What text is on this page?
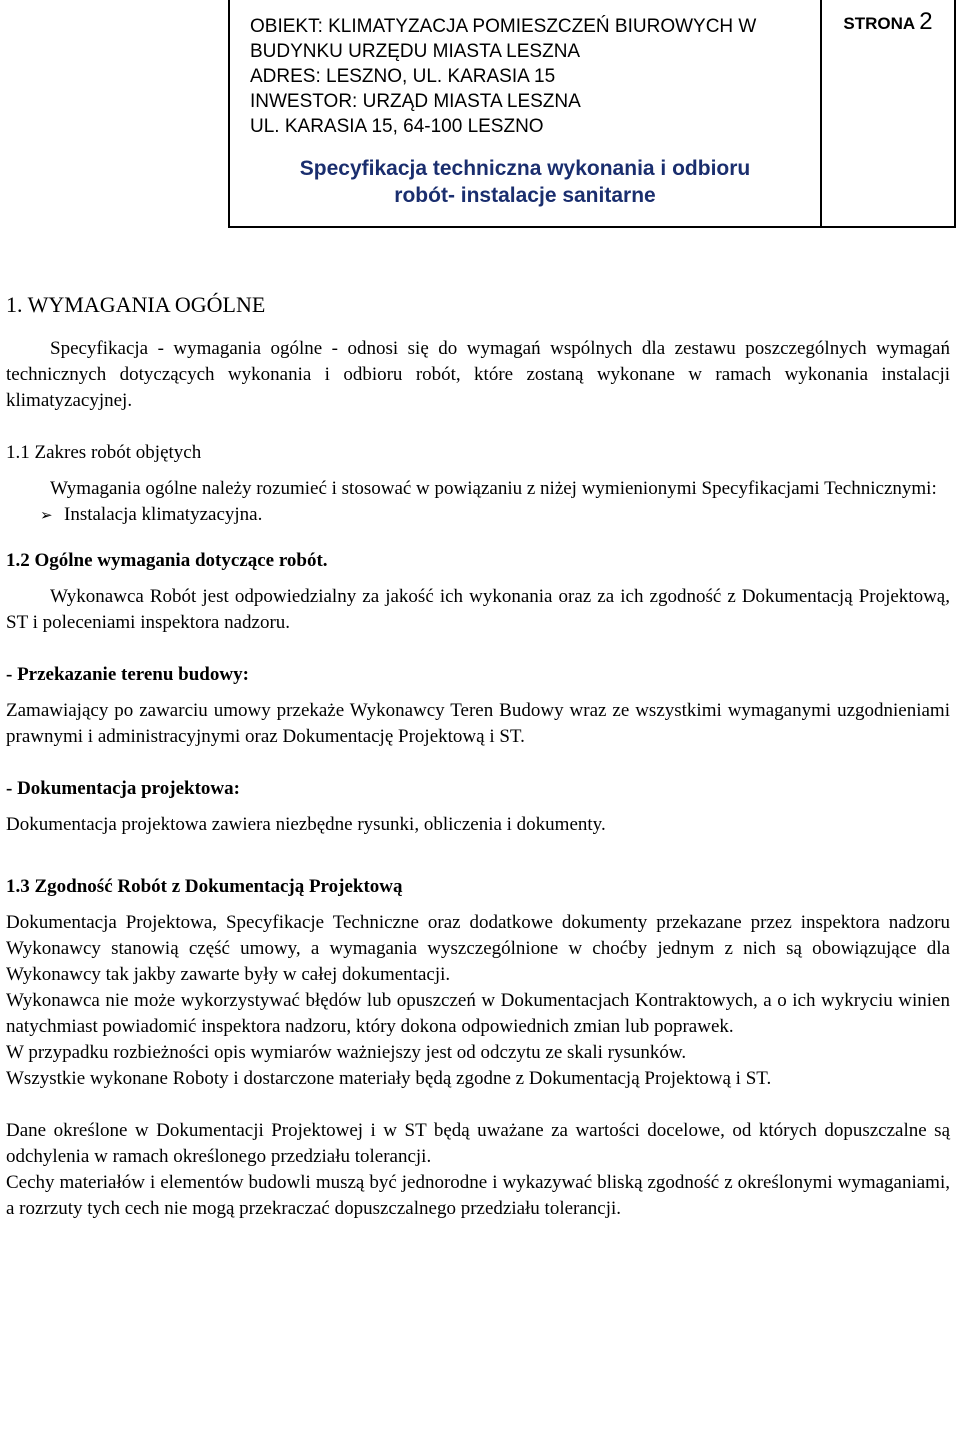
OBIEKT: KLIMATYZACJA POMIESZCZEŃ BIUROWYCH W
BUDYNKU URZĘDU MIASTA LESZNA
ADRES: LESZNO, UL. KARASIA 15
INWESTOR: URZĄD MIASTA LESZNA
UL. KARASIA 15, 64-100 LESZNO
Specyfikacja techniczna wykonania i odbioru
robót- instalacje sanitarne
STRONA 2
1. WYMAGANIA OGÓLNE

Specyfikacja - wymagania ogólne - odnosi się do wymagań wspólnych dla zestawu poszczególnych wymagań technicznych dotyczących wykonania i odbioru robót, które zostaną wykonane w ramach wykonania instalacji klimatyzacyjnej.

1.1 Zakres robót objętych

Wymagania ogólne należy rozumieć i stosować w powiązaniu z niżej wymienionymi Specyfikacjami Technicznymi:

➢ Instalacja klimatyzacyjna.
1.2 Ogólne wymagania dotyczące robót.

Wykonawca Robót jest odpowiedzialny za jakość ich wykonania oraz za ich zgodność z Dokumentacją Projektową, ST i poleceniami inspektora nadzoru.

- Przekazanie terenu budowy:

Zamawiający po zawarciu umowy przekaże Wykonawcy Teren Budowy wraz ze wszystkimi wymaganymi uzgodnieniami prawnymi i administracyjnymi oraz Dokumentację Projektową i ST.

- Dokumentacja projektowa:

Dokumentacja projektowa zawiera niezbędne rysunki, obliczenia i dokumenty.

1.3 Zgodność Robót z Dokumentacją Projektową

Dokumentacja Projektowa, Specyfikacje Techniczne oraz dodatkowe dokumenty przekazane przez inspektora nadzoru Wykonawcy stanowią część umowy, a wymagania wyszczególnione w choćby jednym z nich są obowiązujące dla Wykonawcy tak jakby zawarte były w całej dokumentacji.

Wykonawca nie może wykorzystywać błędów lub opuszczeń w Dokumentacjach Kontraktowych, a o ich wykryciu winien natychmiast powiadomić inspektora nadzoru, który dokona odpowiednich zmian lub poprawek.

W przypadku rozbieżności opis wymiarów ważniejszy jest od odczytu ze skali rysunków.

Wszystkie wykonane Roboty i dostarczone materiały będą zgodne z Dokumentacją Projektową i ST.

Dane określone w Dokumentacji Projektowej i w ST będą uważane za wartości docelowe, od których dopuszczalne są odchylenia w ramach określonego przedziału tolerancji.

Cechy materiałów i elementów budowli muszą być jednorodne i wykazywać bliską zgodność z określonymi wymaganiami, a rozrzuty tych cech nie mogą przekraczać dopuszczalnego przedziału tolerancji.
